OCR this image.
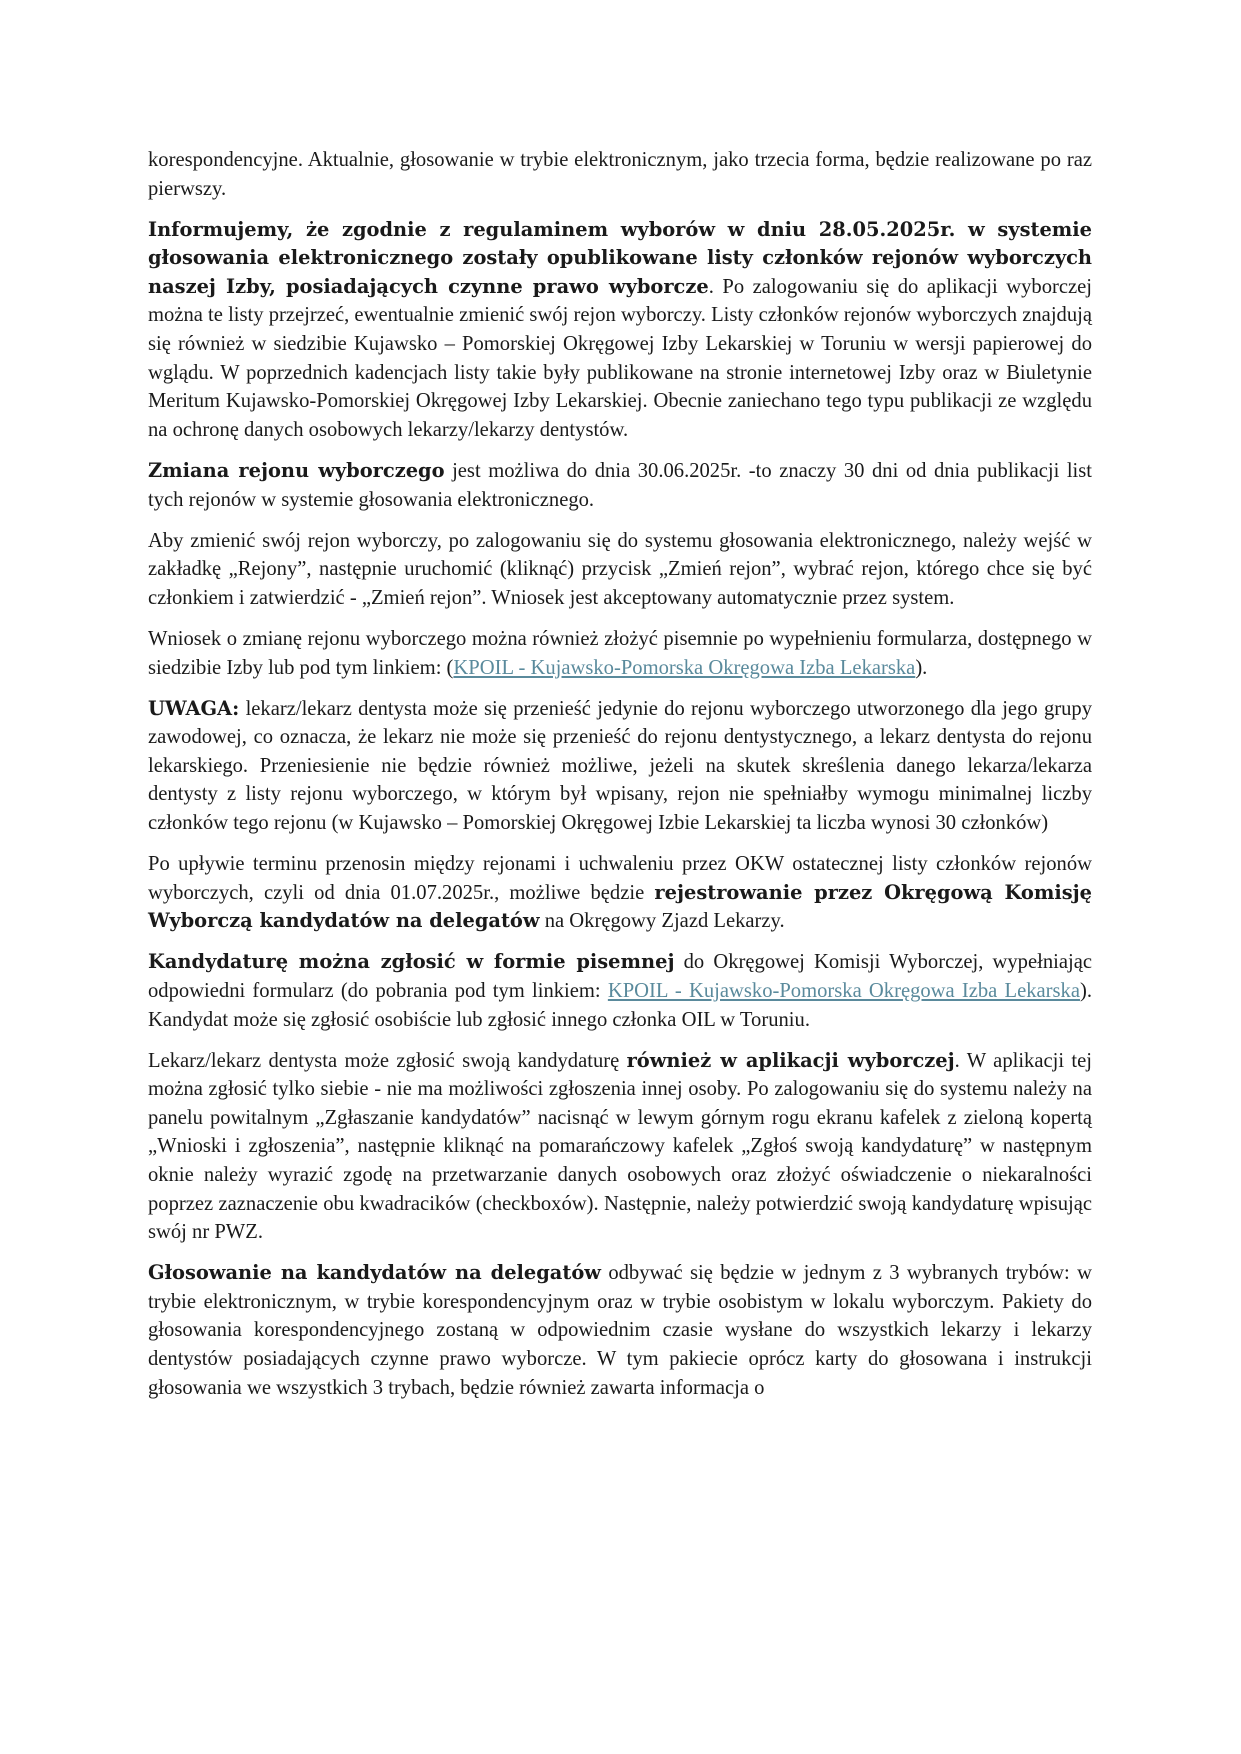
korespondencyjne. Aktualnie, głosowanie w trybie elektronicznym, jako trzecia forma, będzie realizowane po raz pierwszy.

Informujemy, że zgodnie z regulaminem wyborów w dniu 28.05.2025r. w systemie głosowania elektronicznego zostały opublikowane listy członków rejonów wyborczych naszej Izby, posiadających czynne prawo wyborcze. Po zalogowaniu się do aplikacji wyborczej można te listy przejrzeć, ewentualnie zmienić swój rejon wyborczy. Listy członków rejonów wyborczych znajdują się również w siedzibie Kujawsko – Pomorskiej Okręgowej Izby Lekarskiej w Toruniu w wersji papierowej do wglądu. W poprzednich kadencjach listy takie były publikowane na stronie internetowej Izby oraz w Biuletynie Meritum Kujawsko-Pomorskiej Okręgowej Izby Lekarskiej. Obecnie zaniechano tego typu publikacji ze względu na ochronę danych osobowych lekarzy/lekarzy dentystów.

Zmiana rejonu wyborczego jest możliwa do dnia 30.06.2025r. -to znaczy 30 dni od dnia publikacji list tych rejonów w systemie głosowania elektronicznego.

Aby zmienić swój rejon wyborczy, po zalogowaniu się do systemu głosowania elektronicznego, należy wejść w zakładkę „Rejony”, następnie uruchomić (kliknąć) przycisk „Zmień rejon”, wybrać rejon, którego chce się być członkiem i zatwierdzić - „Zmień rejon”. Wniosek jest akceptowany automatycznie przez system.

Wniosek o zmianę rejonu wyborczego można również złożyć pisemnie po wypełnieniu formularza, dostępnego w siedzibie Izby lub pod tym linkiem: (KPOIL - Kujawsko-Pomorska Okręgowa Izba Lekarska).

UWAGA: lekarz/lekarz dentysta może się przenieść jedynie do rejonu wyborczego utworzonego dla jego grupy zawodowej, co oznacza, że lekarz nie może się przenieść do rejonu dentystycznego, a lekarz dentysta do rejonu lekarskiego. Przeniesienie nie będzie również możliwe, jeżeli na skutek skreślenia danego lekarza/lekarza dentysty z listy rejonu wyborczego, w którym był wpisany, rejon nie spełniałby wymogu minimalnej liczby członków tego rejonu (w Kujawsko – Pomorskiej Okręgowej Izbie Lekarskiej ta liczba wynosi 30 członków)

Po upływie terminu przenosin między rejonami i uchwaleniu przez OKW ostatecznej listy członków rejonów wyborczych, czyli od dnia 01.07.2025r., możliwe będzie rejestrowanie przez Okręgową Komisję Wyborczą kandydatów na delegatów na Okręgowy Zjazd Lekarzy.

Kandydaturę można zgłosić w formie pisemnej do Okręgowej Komisji Wyborczej, wypełniając odpowiedni formularz (do pobrania pod tym linkiem: KPOIL - Kujawsko-Pomorska Okręgowa Izba Lekarska). Kandydat może się zgłosić osobiście lub zgłosić innego członka OIL w Toruniu.

Lekarz/lekarz dentysta może zgłosić swoją kandydaturę również w aplikacji wyborczej. W aplikacji tej można zgłosić tylko siebie - nie ma możliwości zgłoszenia innej osoby. Po zalogowaniu się do systemu należy na panelu powitalnym „Zgłaszanie kandydatów” nacisnąć w lewym górnym rogu ekranu kafelek z zieloną kopertą „Wnioski i zgłoszenia”, następnie kliknąć na pomarańczowy kafelek „Zgłoś swoją kandydaturę” w następnym oknie należy wyrazić zgodę na przetwarzanie danych osobowych oraz złożyć oświadczenie o niekaralności poprzez zaznaczenie obu kwadracików (checkboxów). Następnie, należy potwierdzić swoją kandydaturę wpisując swój nr PWZ.

Głosowanie na kandydatów na delegatów odbywać się będzie w jednym z 3 wybranych trybów: w trybie elektronicznym, w trybie korespondencyjnym oraz w trybie osobistym w lokalu wyborczym. Pakiety do głosowania korespondencyjnego zostaną w odpowiednim czasie wysłane do wszystkich lekarzy i lekarzy dentystów posiadających czynne prawo wyborcze. W tym pakiecie oprócz karty do głosowana i instrukcji głosowania we wszystkich 3 trybach, będzie również zawarta informacja o
